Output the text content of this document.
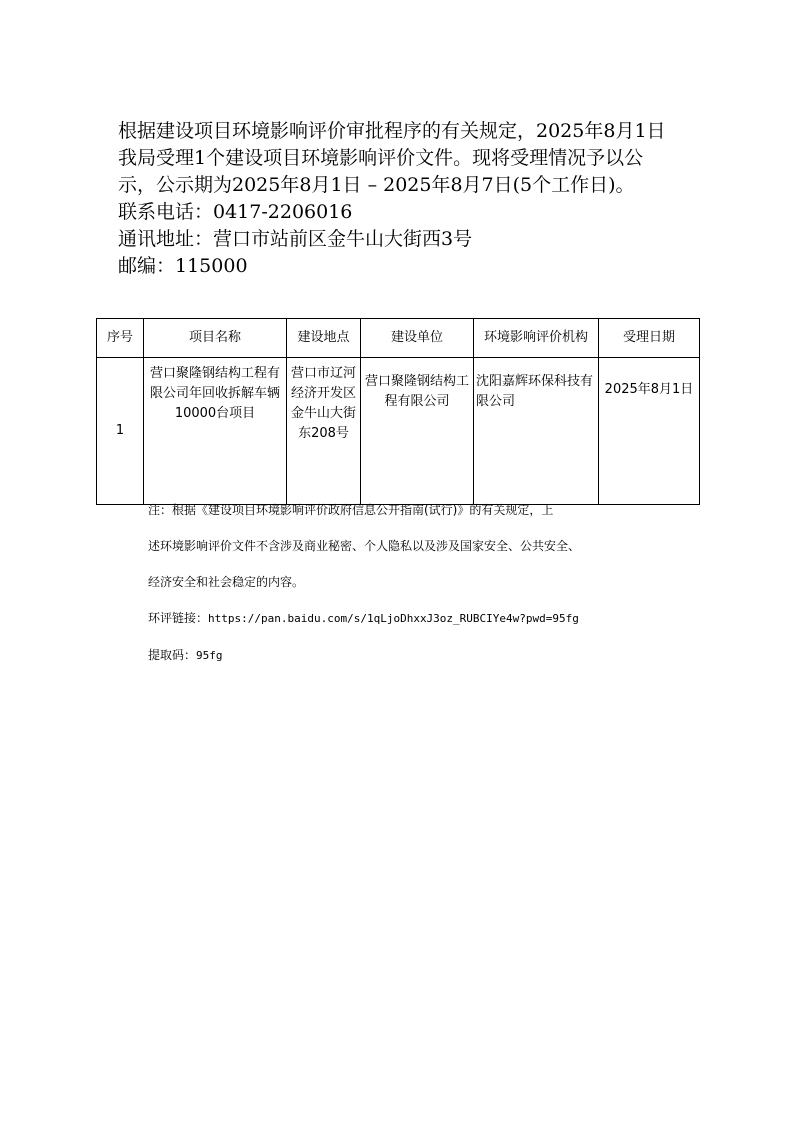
根据建设项目环境影响评价审批程序的有关规定，2025年8月1日我局受理1个建设项目环境影响评价文件。现将受理情况予以公示，公示期为2025年8月1日 – 2025年8月7日(5个工作日)。

联系电话：0417-2206016

通讯地址：营口市站前区金牛山大街西3号

邮编：115000

序号	项目名称	建设地点	建设单位	环境影响评价机构	受理日期
1	营口聚隆钢结构工程有限公司年回收拆解车辆10000台项目	营口市辽河经济开发区金牛山大街东208号	营口聚隆钢结构工程有限公司	沈阳嘉辉环保科技有限公司	2025年8月1日

注：根据《建设项目环境影响评价政府信息公开指南(试行)》的有关规定，上

述环境影响评价文件不含涉及商业秘密、个人隐私以及涉及国家安全、公共安全、

经济安全和社会稳定的内容。

环评链接：https://pan.baidu.com/s/1qLjoDhxxJ3oz_RUBCIYe4w?pwd=95fg

提取码：95fg
